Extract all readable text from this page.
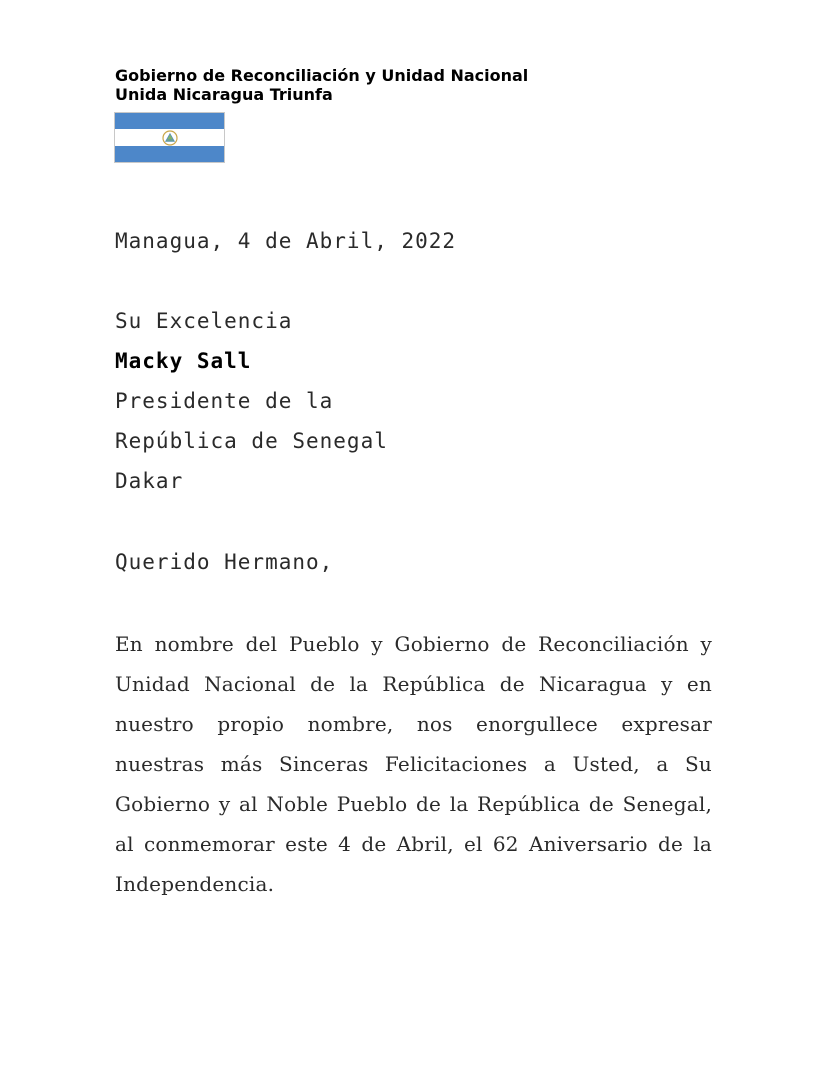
Gobierno de Reconciliación y Unidad Nacional
Unida Nicaragua Triunfa
Managua, 4 de Abril, 2022
Su Excelencia
Macky Sall
Presidente de la
República de Senegal
Dakar
Querido Hermano,
En nombre del Pueblo y Gobierno de Reconciliación y Unidad Nacional de la República de Nicaragua y en nuestro propio nombre, nos enorgullece expresar nuestras más Sinceras Felicitaciones a Usted, a Su Gobierno y al Noble Pueblo de la República de Senegal, al conmemorar este 4 de Abril, el 62 Aniversario de la Independencia.
